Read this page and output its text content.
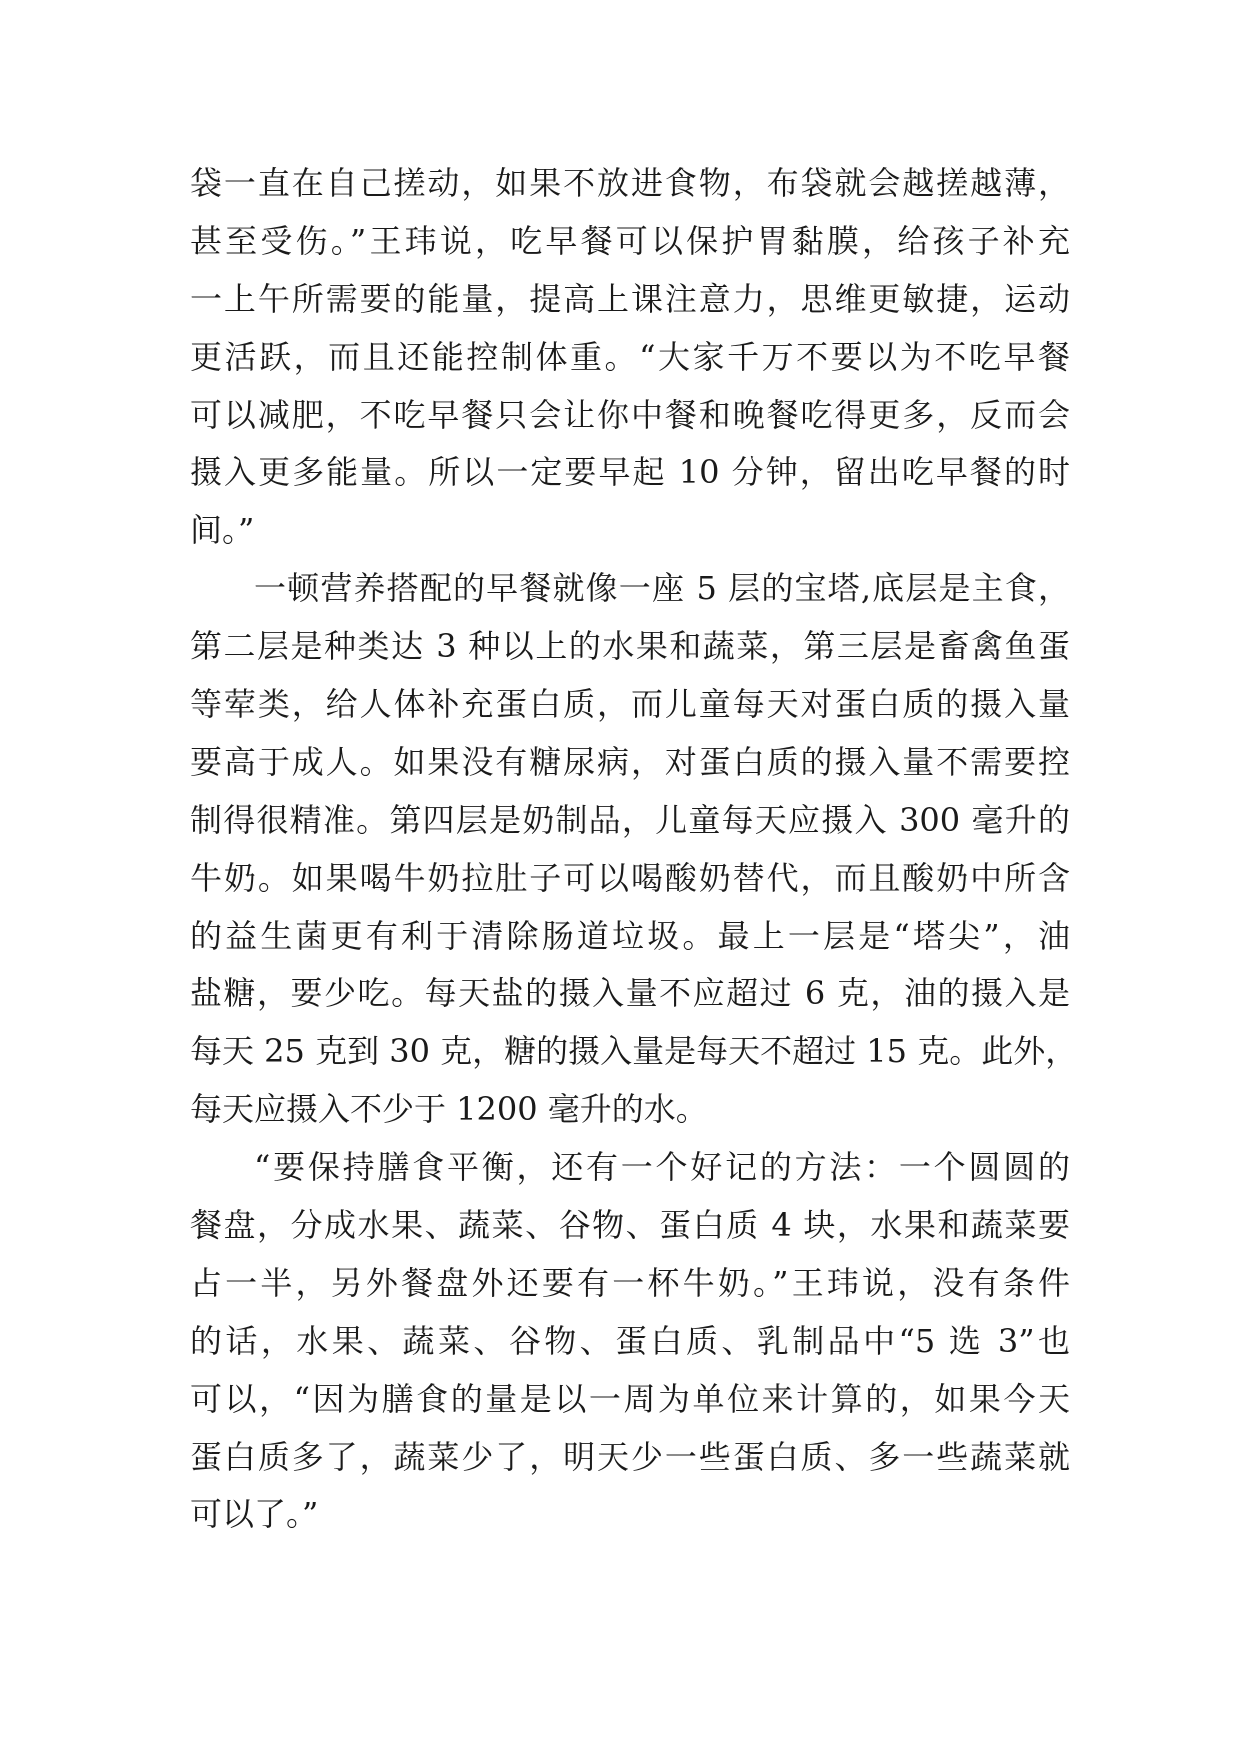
袋一直在自己搓动，如果不放进食物，布袋就会越搓越薄，
甚至受伤。”王玮说，吃早餐可以保护胃黏膜，给孩子补充
一上午所需要的能量，提高上课注意力，思维更敏捷，运动
更活跃，而且还能控制体重。“大家千万不要以为不吃早餐
可以减肥，不吃早餐只会让你中餐和晚餐吃得更多，反而会
摄入更多能量。所以一定要早起 10 分钟，留出吃早餐的时
间。”
一顿营养搭配的早餐就像一座 5 层的宝塔,底层是主食，
第二层是种类达 3 种以上的水果和蔬菜，第三层是畜禽鱼蛋
等荤类，给人体补充蛋白质，而儿童每天对蛋白质的摄入量
要高于成人。如果没有糖尿病，对蛋白质的摄入量不需要控
制得很精准。第四层是奶制品，儿童每天应摄入 300 毫升的
牛奶。如果喝牛奶拉肚子可以喝酸奶替代，而且酸奶中所含
的益生菌更有利于清除肠道垃圾。最上一层是“塔尖”，油
盐糖，要少吃。每天盐的摄入量不应超过 6 克，油的摄入是
每天 25 克到 30 克，糖的摄入量是每天不超过 15 克。此外，
每天应摄入不少于 1200 毫升的水。
“要保持膳食平衡，还有一个好记的方法：一个圆圆的
餐盘，分成水果、蔬菜、谷物、蛋白质 4 块，水果和蔬菜要
占一半，另外餐盘外还要有一杯牛奶。”王玮说，没有条件
的话，水果、蔬菜、谷物、蛋白质、乳制品中“5 选 3”也
可以，“因为膳食的量是以一周为单位来计算的，如果今天
蛋白质多了，蔬菜少了，明天少一些蛋白质、多一些蔬菜就
可以了。”
